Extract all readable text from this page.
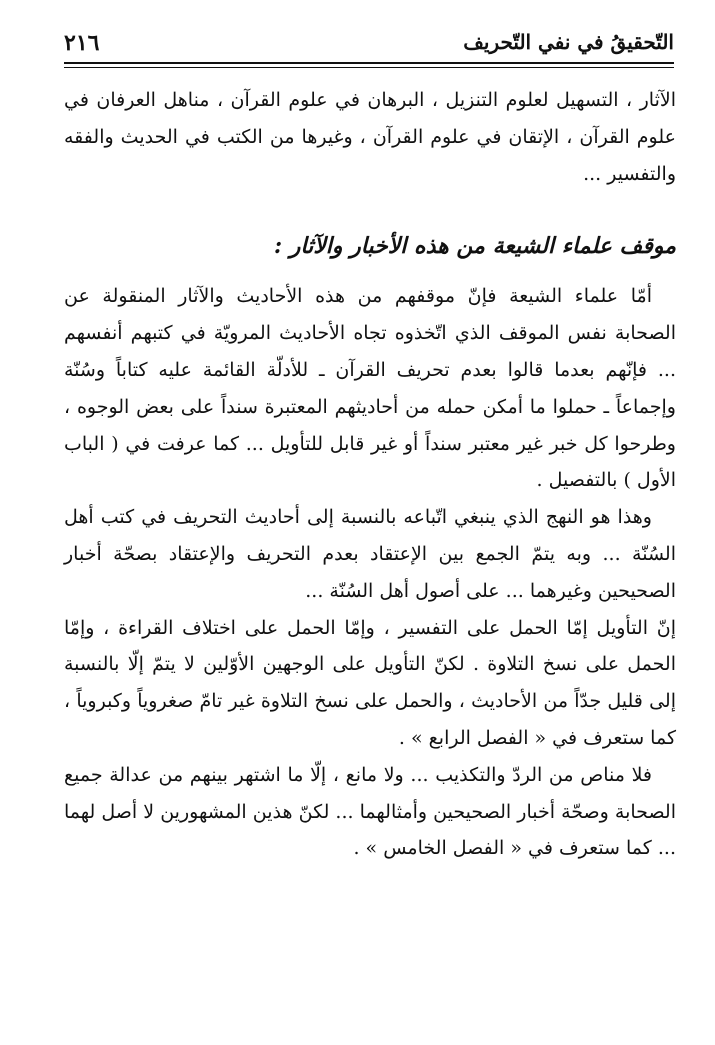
٢١٦	التّحقيقُ في نفي التّحريف

الآثار ، التسهيل لعلوم التنزيل ، البرهان في علوم القرآن ، مناهل العرفان في علوم القرآن ، الإتقان في علوم القرآن ، وغيرها من الكتب في الحديث والفقه والتفسير ...

موقف علماء الشيعة من هذه الأخبار والآثار :

أمّا علماء الشيعة فإنّ موقفهم من هذه الأحاديث والآثار المنقولة عن الصحابة نفس الموقف الذي اتّخذوه تجاه الأحاديث المرويّة في كتبهم أنفسهم ... فإنّهم بعدما قالوا بعدم تحريف القرآن ـ للأدلّة القائمة عليه كتاباً وسُنّة وإجماعاً ـ حملوا ما أمكن حمله من أحاديثهم المعتبرة سنداً على بعض الوجوه ، وطرحوا كل خبر غير معتبر سنداً أو غير قابل للتأويل ... كما عرفت في ( الباب الأول ) بالتفصيل .

وهذا هو النهج الذي ينبغي اتّباعه بالنسبة إلى أحاديث التحريف في كتب أهل السُنّة ... وبه يتمّ الجمع بين الإعتقاد بعدم التحريف والإعتقاد بصحّة أخبار الصحيحين وغيرهما ... على أصول أهل السُنّة ...

إنّ التأويل إمّا الحمل على التفسير ، وإمّا الحمل على اختلاف القراءة ، وإمّا الحمل على نسخ التلاوة . لكنّ التأويل على الوجهين الأوّلين لا يتمّ إلّا بالنسبة إلى قليل جدّاً من الأحاديث ، والحمل على نسخ التلاوة غير تامّ صغروياً وكبروياً ، كما ستعرف في « الفصل الرابع » .

فلا مناص من الردّ والتكذيب ... ولا مانع ، إلّا ما اشتهر بينهم من عدالة جميع الصحابة وصحّة أخبار الصحيحين وأمثالهما ... لكنّ هذين المشهورين لا أصل لهما ... كما ستعرف في « الفصل الخامس » .
